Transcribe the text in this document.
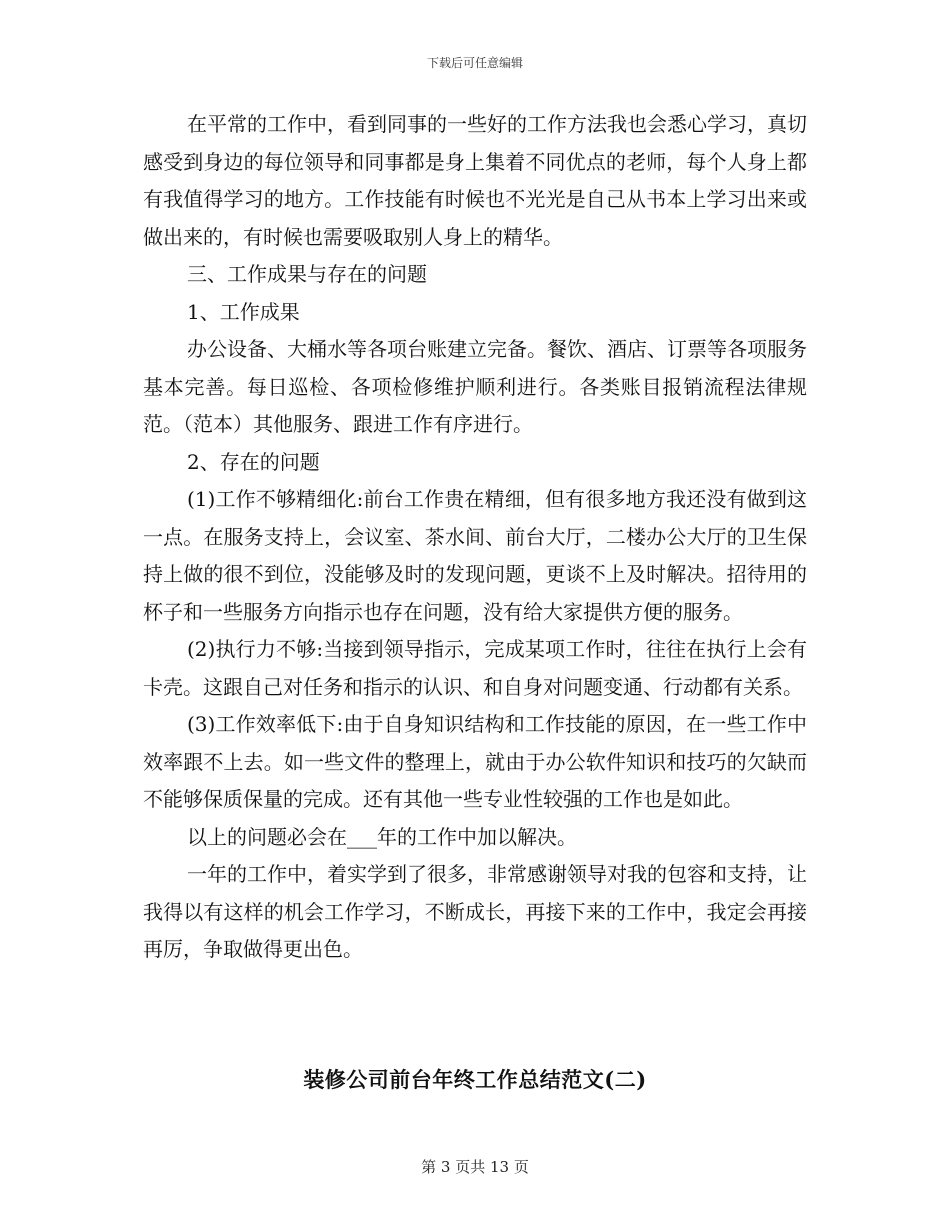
下载后可任意编辑

在平常的工作中，看到同事的一些好的工作方法我也会悉心学习，真切感受到身边的每位领导和同事都是身上集着不同优点的老师，每个人身上都有我值得学习的地方。工作技能有时候也不光光是自己从书本上学习出来或做出来的，有时候也需要吸取别人身上的精华。

三、工作成果与存在的问题

1、工作成果

办公设备、大桶水等各项台账建立完备。餐饮、酒店、订票等各项服务基本完善。每日巡检、各项检修维护顺利进行。各类账目报销流程法律规范。（范本）其他服务、跟进工作有序进行。

2、存在的问题

(1)工作不够精细化:前台工作贵在精细，但有很多地方我还没有做到这一点。在服务支持上，会议室、茶水间、前台大厅，二楼办公大厅的卫生保持上做的很不到位，没能够及时的发现问题，更谈不上及时解决。招待用的杯子和一些服务方向指示也存在问题，没有给大家提供方便的服务。

(2)执行力不够:当接到领导指示，完成某项工作时，往往在执行上会有卡壳。这跟自己对任务和指示的认识、和自身对问题变通、行动都有关系。

(3)工作效率低下:由于自身知识结构和工作技能的原因，在一些工作中效率跟不上去。如一些文件的整理上，就由于办公软件知识和技巧的欠缺而不能够保质保量的完成。还有其他一些专业性较强的工作也是如此。

以上的问题必会在___年的工作中加以解决。

一年的工作中，着实学到了很多，非常感谢领导对我的包容和支持，让我得以有这样的机会工作学习，不断成长，再接下来的工作中，我定会再接再厉，争取做得更出色。

装修公司前台年终工作总结范文(二)
第 3 页共 13 页
